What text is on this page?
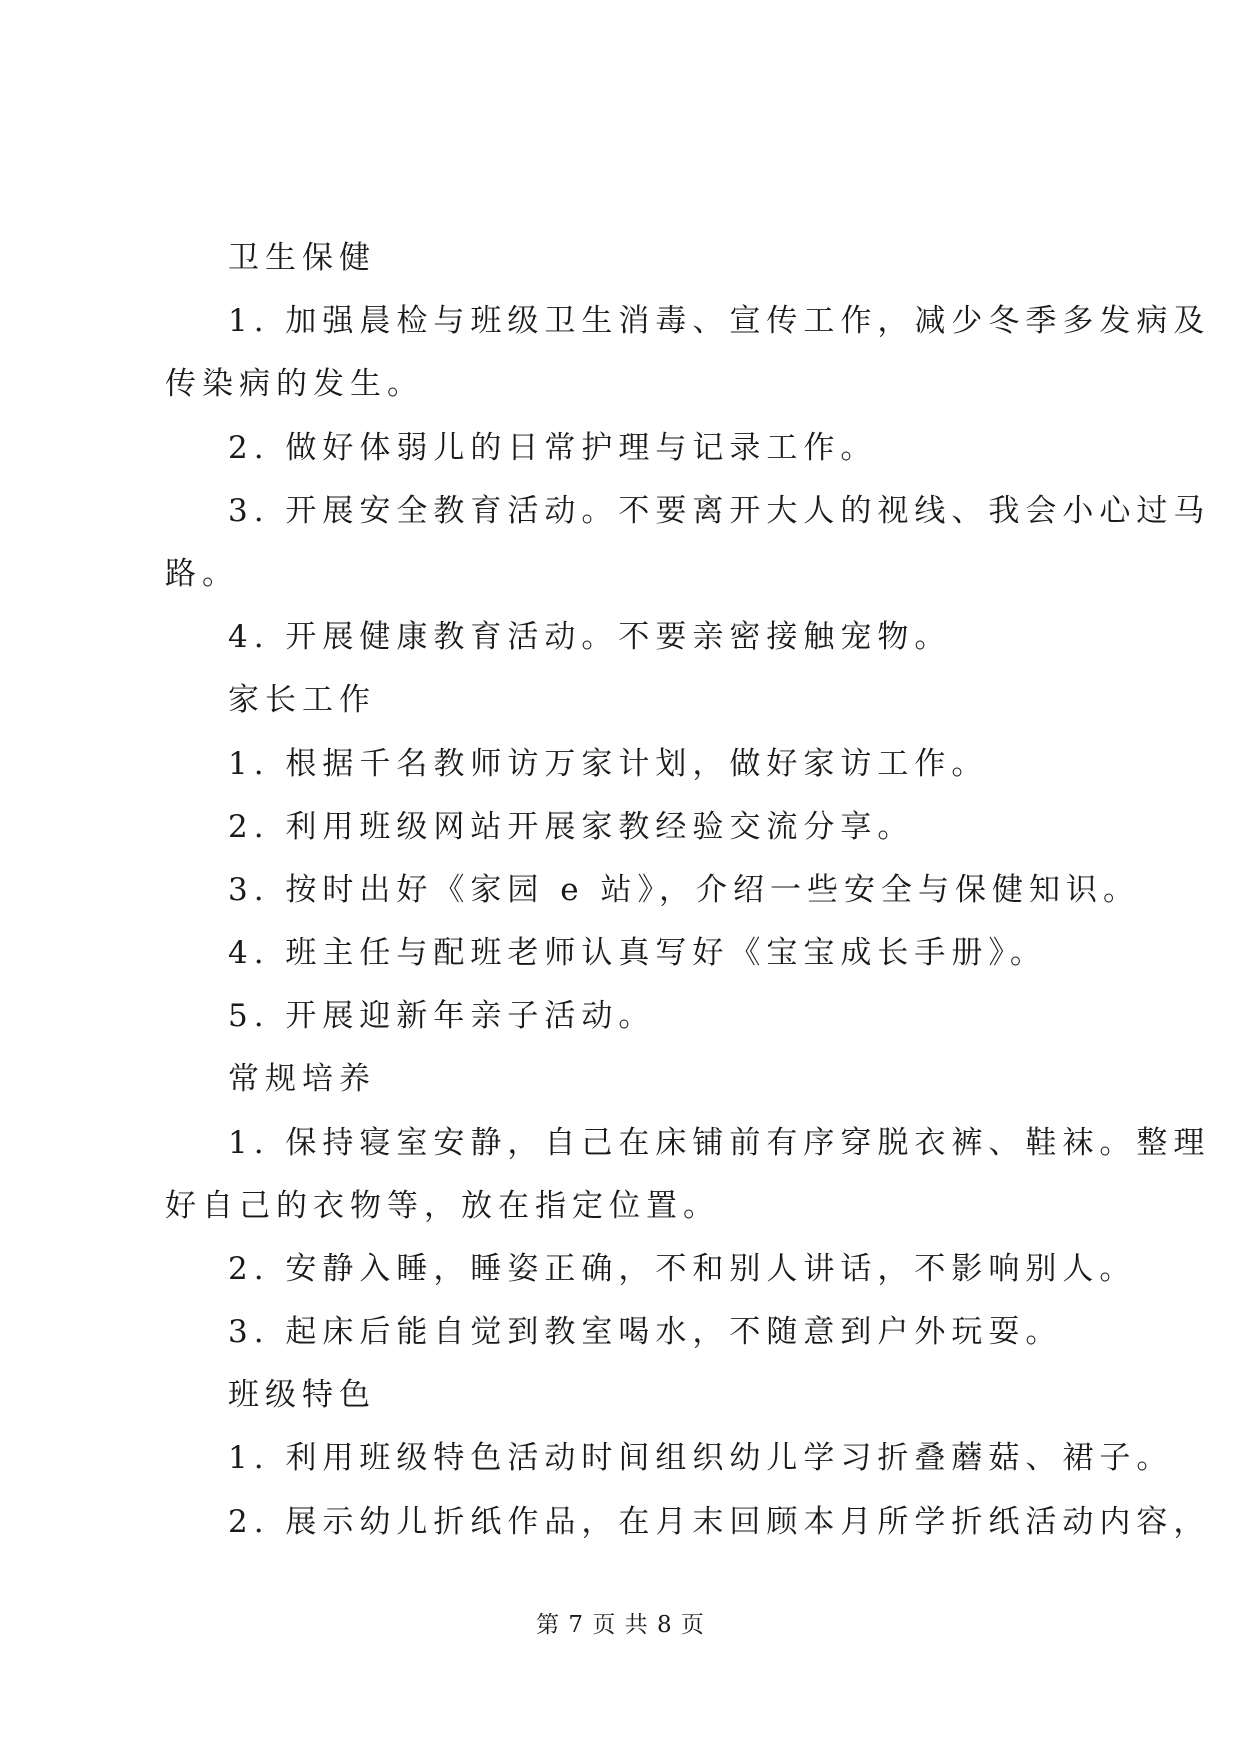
卫生保健
1. 加强晨检与班级卫生消毒、宣传工作，减少冬季多发病及
传染病的发生。
2. 做好体弱儿的日常护理与记录工作。
3. 开展安全教育活动。不要离开大人的视线、我会小心过马
路。
4. 开展健康教育活动。不要亲密接触宠物。
家长工作
1. 根据千名教师访万家计划，做好家访工作。
2. 利用班级网站开展家教经验交流分享。
3. 按时出好《家园 e 站》，介绍一些安全与保健知识。
4. 班主任与配班老师认真写好《宝宝成长手册》。
5. 开展迎新年亲子活动。
常规培养
1. 保持寝室安静，自己在床铺前有序穿脱衣裤、鞋袜。整理
好自己的衣物等，放在指定位置。
2. 安静入睡，睡姿正确，不和别人讲话，不影响别人。
3. 起床后能自觉到教室喝水，不随意到户外玩耍。
班级特色
1. 利用班级特色活动时间组织幼儿学习折叠蘑菇、裙子。
2. 展示幼儿折纸作品，在月末回顾本月所学折纸活动内容，
第 7 页 共 8 页
